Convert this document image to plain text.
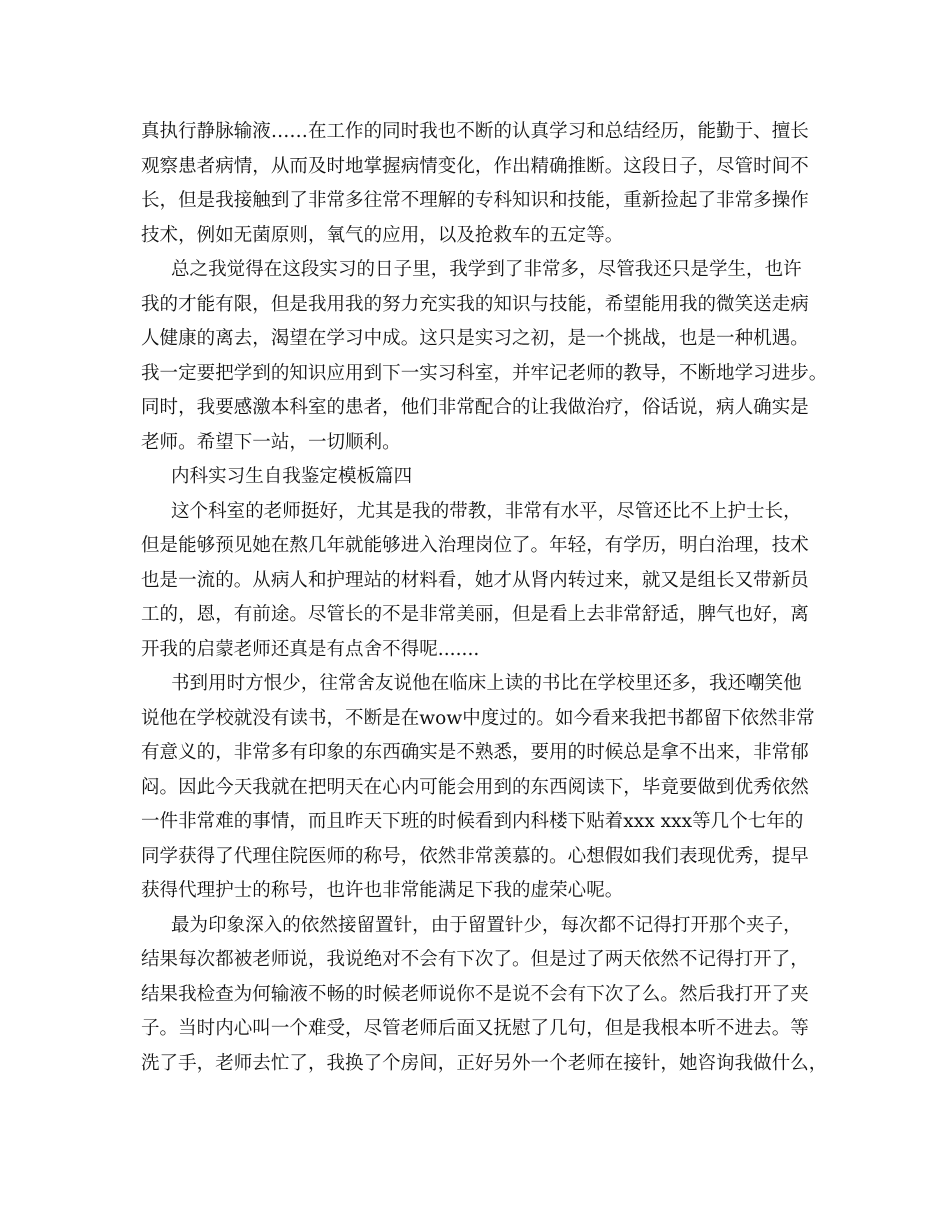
真执行静脉输液……在工作的同时我也不断的认真学习和总结经历，能勤于、擅长
观察患者病情，从而及时地掌握病情变化，作出精确推断。这段日子，尽管时间不
长，但是我接触到了非常多往常不理解的专科知识和技能，重新捡起了非常多操作
技术，例如无菌原则，氧气的应用，以及抢救车的五定等。
总之我觉得在这段实习的日子里，我学到了非常多，尽管我还只是学生，也许
我的才能有限，但是我用我的努力充实我的知识与技能，希望能用我的微笑送走病
人健康的离去，渴望在学习中成。这只是实习之初，是一个挑战，也是一种机遇。
我一定要把学到的知识应用到下一实习科室，并牢记老师的教导，不断地学习进步。
同时，我要感激本科室的患者，他们非常配合的让我做治疗，俗话说，病人确实是
老师。希望下一站，一切顺利。
内科实习生自我鉴定模板篇四
这个科室的老师挺好，尤其是我的带教，非常有水平，尽管还比不上护士长，
但是能够预见她在熬几年就能够进入治理岗位了。年轻，有学历，明白治理，技术
也是一流的。从病人和护理站的材料看，她才从肾内转过来，就又是组长又带新员
工的，恩，有前途。尽管长的不是非常美丽，但是看上去非常舒适，脾气也好，离
开我的启蒙老师还真是有点舍不得呢.......
书到用时方恨少，往常舍友说他在临床上读的书比在学校里还多，我还嘲笑他
说他在学校就没有读书，不断是在wow中度过的。如今看来我把书都留下依然非常
有意义的，非常多有印象的东西确实是不熟悉，要用的时候总是拿不出来，非常郁
闷。因此今天我就在把明天在心内可能会用到的东西阅读下，毕竟要做到优秀依然
一件非常难的事情，而且昨天下班的时候看到内科楼下贴着xxx xxx等几个七年的
同学获得了代理住院医师的称号，依然非常羡慕的。心想假如我们表现优秀，提早
获得代理护士的称号，也许也非常能满足下我的虚荣心呢。
最为印象深入的依然接留置针，由于留置针少，每次都不记得打开那个夹子，
结果每次都被老师说，我说绝对不会有下次了。但是过了两天依然不记得打开了，
结果我检查为何输液不畅的时候老师说你不是说不会有下次了么。然后我打开了夹
子。当时内心叫一个难受，尽管老师后面又抚慰了几句，但是我根本听不进去。等
洗了手，老师去忙了，我换了个房间，正好另外一个老师在接针，她咨询我做什么，
